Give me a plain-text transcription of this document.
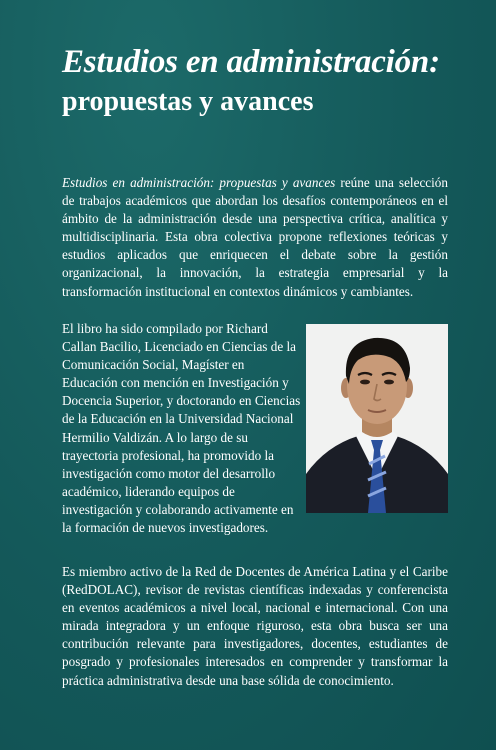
Estudios en administración:
propuestas y avances

Estudios en administración: propuestas y avances reúne una selección de trabajos académicos que abordan los desafíos contemporáneos en el ámbito de la administración desde una perspectiva crítica, analítica y multidisciplinaria. Esta obra colectiva propone reflexiones teóricas y estudios aplicados que enriquecen el debate sobre la gestión organizacional, la innovación, la estrategia empresarial y la transformación institucional en contextos dinámicos y cambiantes.

El libro ha sido compilado por Richard Callan Bacilio, Licenciado en Ciencias de la Comunicación Social, Magíster en Educación con mención en Investigación y Docencia Superior, y doctorando en Ciencias de la Educación en la Universidad Nacional Hermilio Valdizán. A lo largo de su trayectoria profesional, ha promovido la investigación como motor del desarrollo académico, liderando equipos de investigación y colaborando activamente en la formación de nuevos investigadores.

Es miembro activo de la Red de Docentes de América Latina y el Caribe (RedDOLAC), revisor de revistas científicas indexadas y conferencista en eventos académicos a nivel local, nacional e internacional. Con una mirada integradora y un enfoque riguroso, esta obra busca ser una contribución relevante para investigadores, docentes, estudiantes de posgrado y profesionales interesados en comprender y transformar la práctica administrativa desde una base sólida de conocimiento.
